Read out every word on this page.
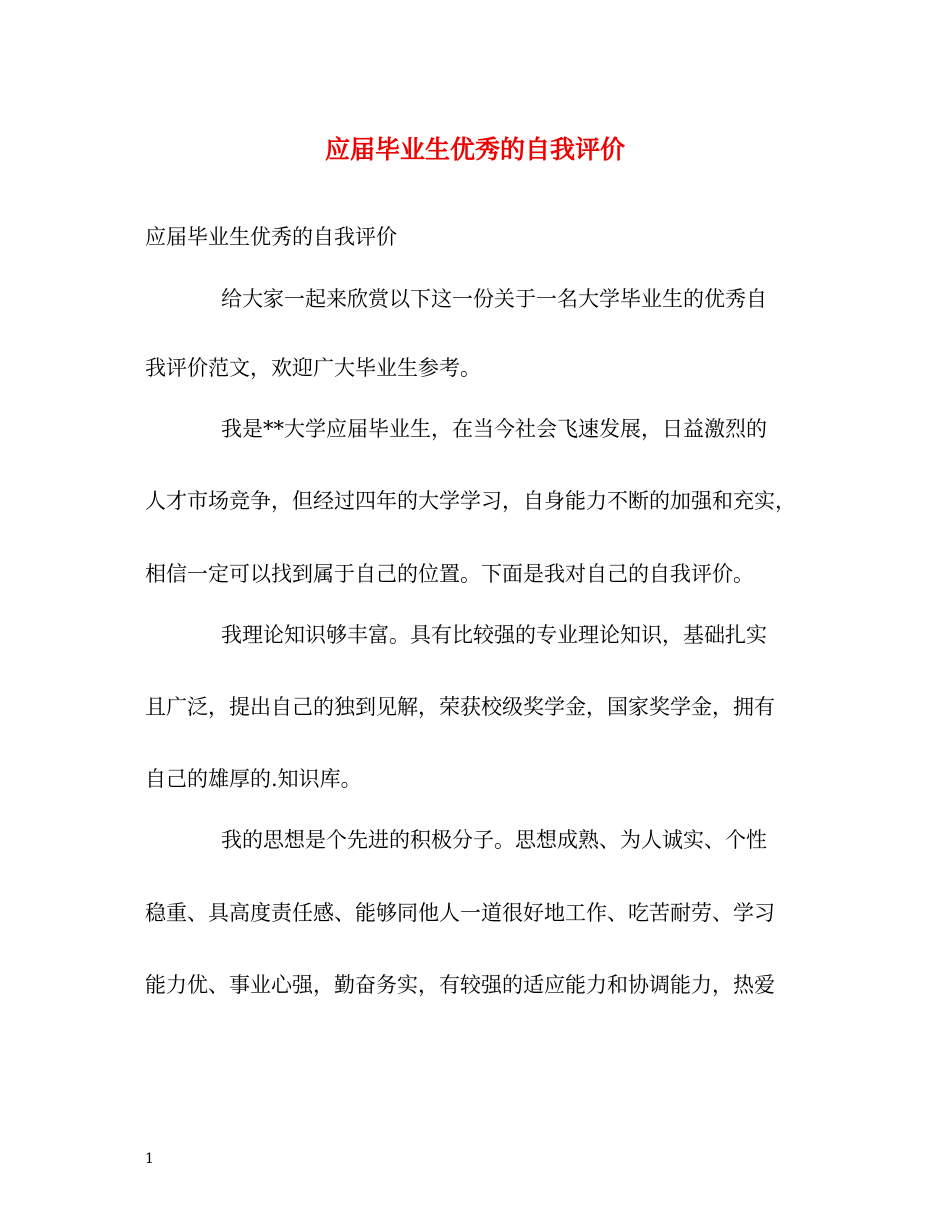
应届毕业生优秀的自我评价
应届毕业生优秀的自我评价
给大家一起来欣赏以下这一份关于一名大学毕业生的优秀自
我评价范文，欢迎广大毕业生参考。
我是**大学应届毕业生，在当今社会飞速发展，日益激烈的
人才市场竞争，但经过四年的大学学习，自身能力不断的加强和充实，
相信一定可以找到属于自己的位置。下面是我对自己的自我评价。
我理论知识够丰富。具有比较强的专业理论知识，基础扎实
且广泛，提出自己的独到见解，荣获校级奖学金，国家奖学金，拥有
自己的雄厚的.知识库。
我的思想是个先进的积极分子。思想成熟、为人诚实、个性
稳重、具高度责任感、能够同他人一道很好地工作、吃苦耐劳、学习
能力优、事业心强，勤奋务实，有较强的适应能力和协调能力，热爱
1
